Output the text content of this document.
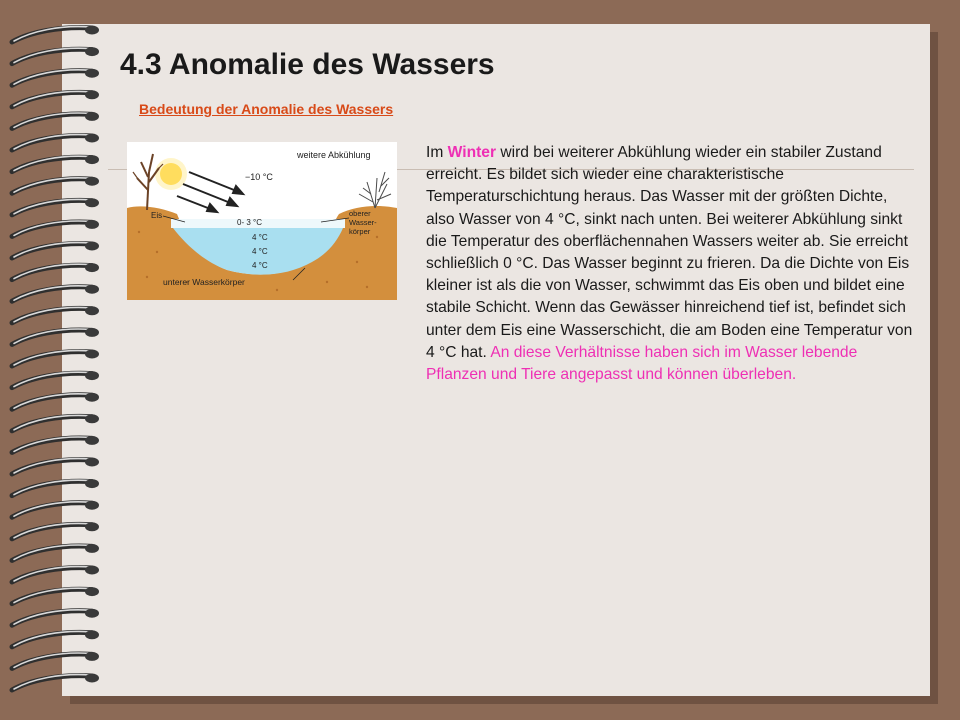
4.3 Anomalie des Wassers
Bedeutung der Anomalie des Wassers
weitere Abkühlung
−10 °C
Eis
0- 3 °C
4 °C
4 °C
4 °C
oberer
Wasser-
körper
unterer Wasserkörper

Im Winter wird bei weiterer Abkühlung wieder ein stabiler Zustand erreicht. Es bildet sich wieder eine charakteristische Temperaturschichtung heraus. Das Wasser mit der größten Dichte, also Wasser von 4 °C, sinkt nach unten. Bei weiterer Abkühlung sinkt die Temperatur des oberflächennahen Wassers weiter ab. Sie erreicht schließlich 0 °C. Das Wasser beginnt zu frieren. Da die Dichte von Eis kleiner ist als die von Wasser, schwimmt das Eis oben und bildet eine stabile Schicht. Wenn das Gewässer hinreichend tief ist, befindet sich unter dem Eis eine Wasserschicht, die am Boden eine Temperatur von 4 °C hat. An diese Verhältnisse haben sich im Wasser lebende Pflanzen und Tiere angepasst und können überleben.
